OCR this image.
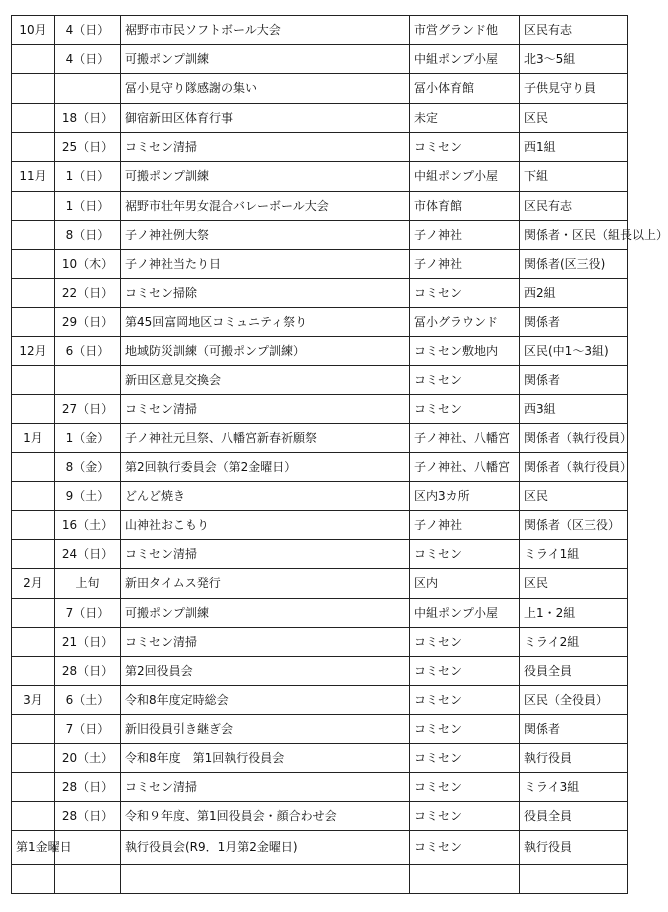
10月	4（日）	裾野市市民ソフトボール大会	市営グランド他	区民有志
	4（日）	可搬ポンプ訓練	中組ポンプ小屋	北3～5組
		冨小見守り隊感謝の集い	冨小体育館	子供見守り員
	18（日）	御宿新田区体育行事	未定	区民
	25（日）	コミセン清掃	コミセン	西1組
11月	1（日）	可搬ポンプ訓練	中組ポンプ小屋	下組
	1（日）	裾野市壮年男女混合バレーボール大会	市体育館	区民有志
	8（日）	子ノ神社例大祭	子ノ神社	関係者・区民（組長以上）
	10（木）	子ノ神社当たり日	子ノ神社	関係者(区三役)
	22（日）	コミセン掃除	コミセン	西2組
	29（日）	第45回富岡地区コミュニティ祭り	冨小グラウンド	関係者
12月	6（日）	地域防災訓練（可搬ポンプ訓練）	コミセン敷地内	区民(中1～3組)
		新田区意見交換会	コミセン	関係者
	27（日）	コミセン清掃	コミセン	西3組
1月	1（金）	子ノ神社元旦祭、八幡宮新春祈願祭	子ノ神社、八幡宮	関係者（執行役員）
	8（金）	第2回執行委員会（第2金曜日）	子ノ神社、八幡宮	関係者（執行役員）
	9（土）	どんど焼き	区内3カ所	区民
	16（土）	山神社おこもり	子ノ神社	関係者（区三役）
	24（日）	コミセン清掃	コミセン	ミライ1組
2月	上旬	新田タイムス発行	区内	区民
	7（日）	可搬ポンプ訓練	中組ポンプ小屋	上1・2組
	21（日）	コミセン清掃	コミセン	ミライ2組
	28（日）	第2回役員会	コミセン	役員全員
3月	6（土）	令和8年度定時総会	コミセン	区民（全役員）
	7（日）	新旧役員引き継ぎ会	コミセン	関係者
	20（土）	令和8年度　第1回執行役員会	コミセン	執行役員
	28（日）	コミセン清掃	コミセン	ミライ3組
	28（日）	令和９年度、第1回役員会・顔合わせ会	コミセン	役員全員
第1金曜日		執行役員会(R9．1月第2金曜日)	コミセン	執行役員
